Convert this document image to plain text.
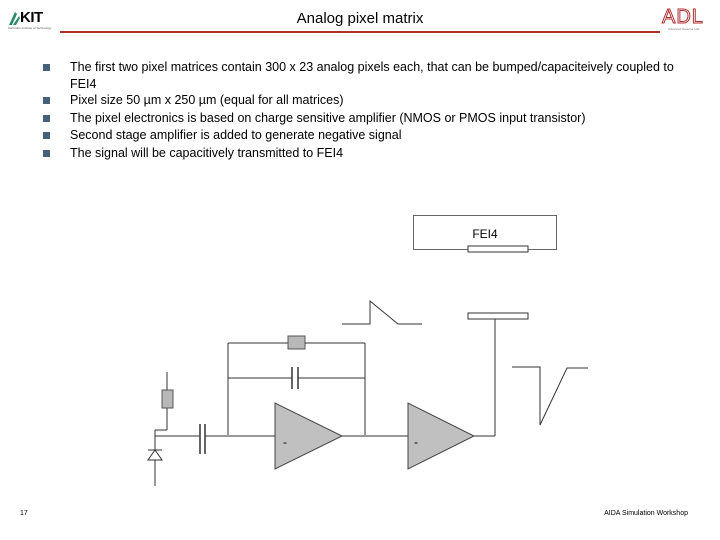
KIT
Karlsruhe Institute of Technology
Analog pixel matrix	ADL
Advanced Detector Lab
The first two pixel matrices contain 300 x 23 analog pixels each, that can be bumped/capaciteively coupled to FEI4
Pixel size 50 µm x 250 µm (equal for all matrices)
The pixel electronics is based on charge sensitive amplifier (NMOS or PMOS input transistor)
Second stage amplifier is added to generate negative signal
The signal will be capacitively transmitted to FEI4
FEI4
-	-
17	AIDA Simulation Workshop
